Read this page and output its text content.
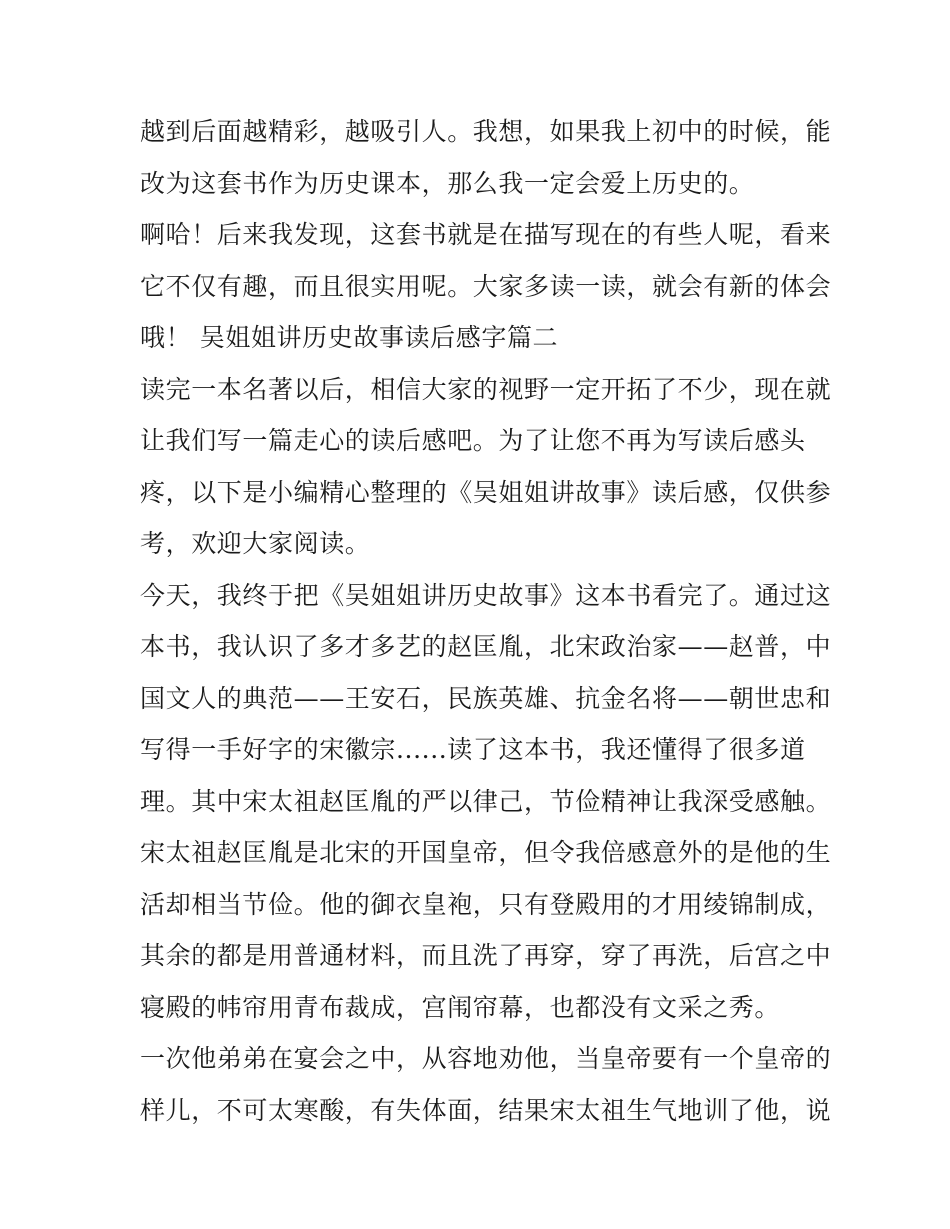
越到后面越精彩，越吸引人。我想，如果我上初中的时候，能
改为这套书作为历史课本，那么我一定会爱上历史的。
啊哈！后来我发现，这套书就是在描写现在的有些人呢，看来
它不仅有趣，而且很实用呢。大家多读一读，就会有新的体会
哦！ 吴姐姐讲历史故事读后感字篇二
读完一本名著以后，相信大家的视野一定开拓了不少，现在就
让我们写一篇走心的读后感吧。为了让您不再为写读后感头
疼，以下是小编精心整理的《吴姐姐讲故事》读后感，仅供参
考，欢迎大家阅读。
今天，我终于把《吴姐姐讲历史故事》这本书看完了。通过这
本书，我认识了多才多艺的赵匡胤，北宋政治家——赵普，中
国文人的典范——王安石，民族英雄、抗金名将——朝世忠和
写得一手好字的宋徽宗......读了这本书，我还懂得了很多道
理。其中宋太祖赵匡胤的严以律己，节俭精神让我深受感触。
宋太祖赵匡胤是北宋的开国皇帝，但令我倍感意外的是他的生
活却相当节俭。他的御衣皇袍，只有登殿用的才用绫锦制成，
其余的都是用普通材料，而且洗了再穿，穿了再洗，后宫之中
寝殿的帏帘用青布裁成，宫闱帘幕，也都没有文采之秀。
一次他弟弟在宴会之中，从容地劝他，当皇帝要有一个皇帝的
样儿，不可太寒酸，有失体面，结果宋太祖生气地训了他，说
